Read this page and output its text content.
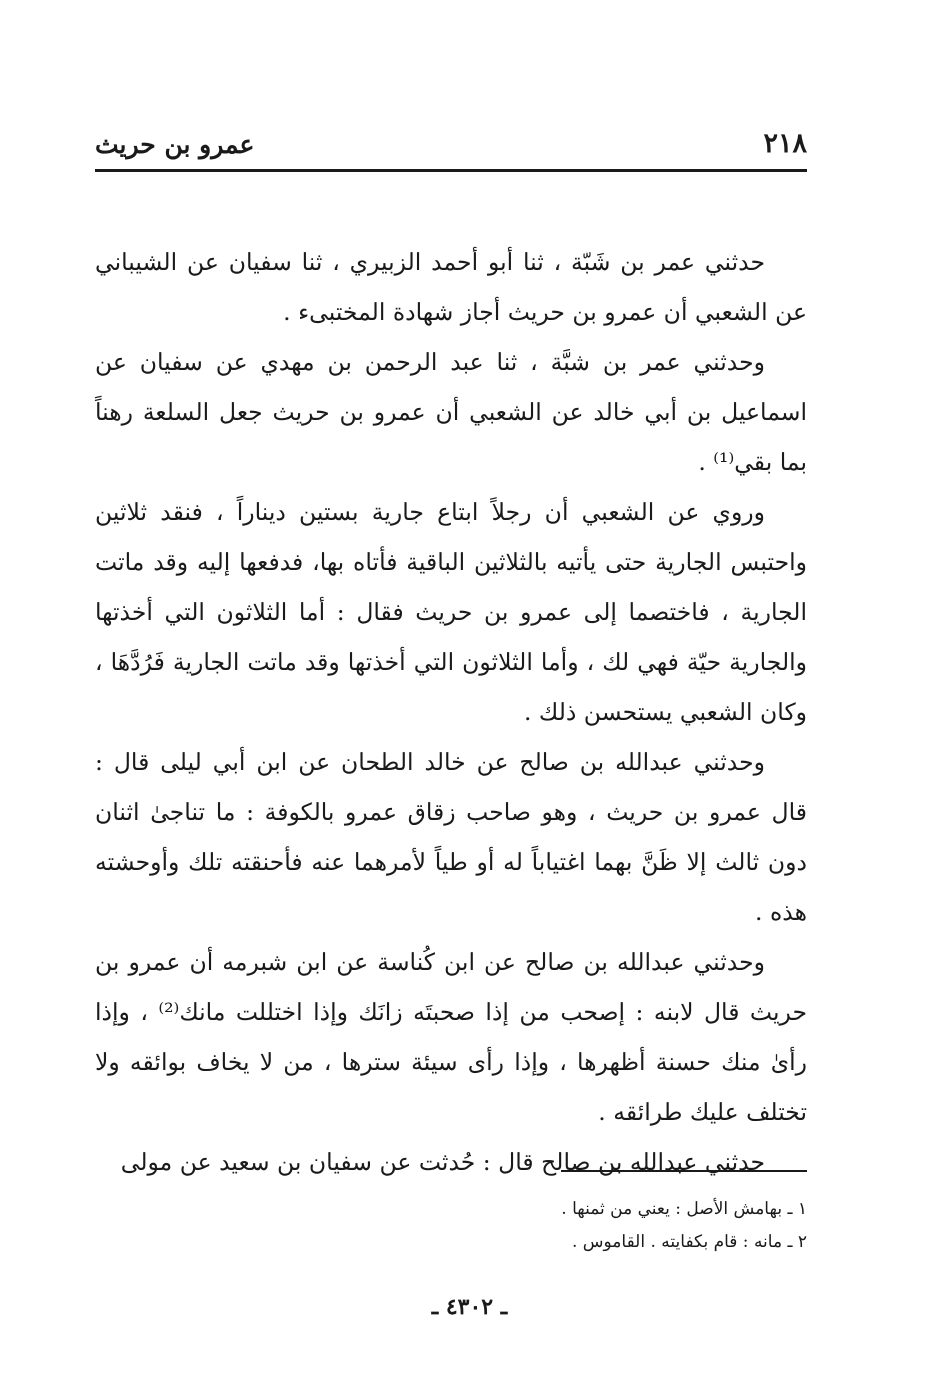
٢١٨
عمرو بن حريث

حدثني عمر بن شَبّة ، ثنا أبو أحمد الزبيري ، ثنا سفيان عن الشيباني عن الشعبي أن عمرو بن حريث أجاز شهادة المختبىء .

وحدثني عمر بن شبَّة ، ثنا عبد الرحمن بن مهدي عن سفيان عن اسماعيل بن أبي خالد عن الشعبي أن عمرو بن حريث جعل السلعة رهناً بما بقي⁽¹⁾ .

وروي عن الشعبي أن رجلاً ابتاع جارية بستين ديناراً ، فنقد ثلاثين واحتبس الجارية حتى يأتيه بالثلاثين الباقية فأتاه بها، فدفعها إليه وقد ماتت الجارية ، فاختصما إلى عمرو بن حريث فقال : أما الثلاثون التي أخذتها والجارية حيّة فهي لك ، وأما الثلاثون التي أخذتها وقد ماتت الجارية فَرُدَّهَا ، وكان الشعبي يستحسن ذلك .

وحدثني عبدالله بن صالح عن خالد الطحان عن ابن أبي ليلى قال : قال عمرو بن حريث ، وهو صاحب زقاق عمرو بالكوفة : ما تناجىٰ اثنان دون ثالث إلا ظَنَّ بهما اغتياباً له أو طياً لأمرهما عنه فأحنقته تلك وأوحشته هذه .

وحدثني عبدالله بن صالح عن ابن كُناسة عن ابن شبرمه أن عمرو بن حريث قال لابنه : إصحب من إذا صحبتَه زانَك وإذا اختللت مانك⁽²⁾ ، وإذا رأىٰ منك حسنة أظهرها ، وإذا رأى سيئة سترها ، من لا يخاف بوائقه ولا تختلف عليك طرائقه .

حدثني عبدالله بن صالح قال : حُدثت عن سفيان بن سعيد عن مولى

١ ـ بهامش الأصل : يعني من ثمنها .

٢ ـ مانه : قام بكفايته . القاموس .

ـ ٤٣٠٢ ـ
